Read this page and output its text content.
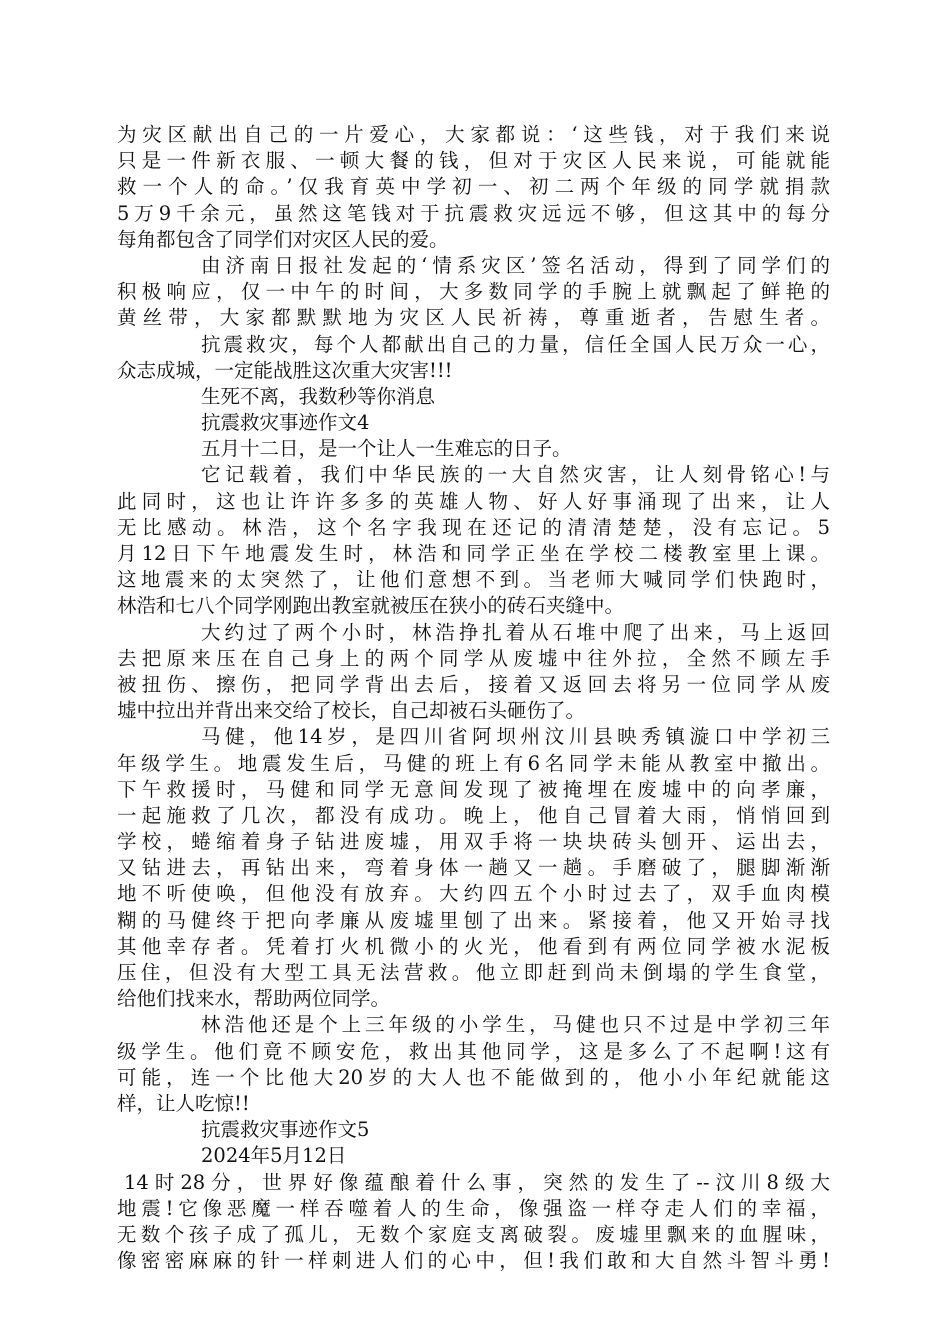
为灾区献出自己的一片爱心，大家都说：‘这些钱，对于我们来说
只是一件新衣服、一顿大餐的钱，但对于灾区人民来说，可能就能
救一个人的命。’仅我育英中学初一、初二两个年级的同学就捐款
5万9千余元，虽然这笔钱对于抗震救灾远远不够，但这其中的每分
每角都包含了同学们对灾区人民的爱。
由济南日报社发起的‘情系灾区’签名活动，得到了同学们的
积极响应，仅一中午的时间，大多数同学的手腕上就飘起了鲜艳的
黄丝带，大家都默默地为灾区人民祈祷，尊重逝者，告慰生者。
抗震救灾，每个人都献出自己的力量，信任全国人民万众一心，
众志成城，一定能战胜这次重大灾害!!!
生死不离，我数秒等你消息
抗震救灾事迹作文4
五月十二日，是一个让人一生难忘的日子。
它记载着，我们中华民族的一大自然灾害，让人刻骨铭心!与
此同时，这也让许许多多的英雄人物、好人好事涌现了出来，让人
无比感动。林浩，这个名字我现在还记的清清楚楚，没有忘记。5
月12日下午地震发生时，林浩和同学正坐在学校二楼教室里上课。
这地震来的太突然了，让他们意想不到。当老师大喊同学们快跑时，
林浩和七八个同学刚跑出教室就被压在狭小的砖石夹缝中。
大约过了两个小时，林浩挣扎着从石堆中爬了出来，马上返回
去把原来压在自己身上的两个同学从废墟中往外拉，全然不顾左手
被扭伤、擦伤，把同学背出去后，接着又返回去将另一位同学从废
墟中拉出并背出来交给了校长，自己却被石头砸伤了。
马健，他14岁，是四川省阿坝州汶川县映秀镇漩口中学初三
年级学生。地震发生后，马健的班上有6名同学未能从教室中撤出。
下午救援时，马健和同学无意间发现了被掩埋在废墟中的向孝廉，
一起施救了几次，都没有成功。晚上，他自己冒着大雨，悄悄回到
学校，蜷缩着身子钻进废墟，用双手将一块块砖头刨开、运出去，
又钻进去，再钻出来，弯着身体一趟又一趟。手磨破了，腿脚渐渐
地不听使唤，但他没有放弃。大约四五个小时过去了，双手血肉模
糊的马健终于把向孝廉从废墟里刨了出来。紧接着，他又开始寻找
其他幸存者。凭着打火机微小的火光，他看到有两位同学被水泥板
压住，但没有大型工具无法营救。他立即赶到尚未倒塌的学生食堂，
给他们找来水，帮助两位同学。
林浩他还是个上三年级的小学生，马健也只不过是中学初三年
级学生。他们竟不顾安危，救出其他同学，这是多么了不起啊!这有
可能，连一个比他大20岁的大人也不能做到的，他小小年纪就能这
样，让人吃惊!!
抗震救灾事迹作文5
2024年5月12日
14时28分，世界好像蕴酿着什么事，突然的发生了--汶川8级大
地震!它像恶魔一样吞噬着人的生命，像强盗一样夺走人们的幸福，
无数个孩子成了孤儿，无数个家庭支离破裂。废墟里飘来的血腥味，
像密密麻麻的针一样刺进人们的心中，但!我们敢和大自然斗智斗勇!
